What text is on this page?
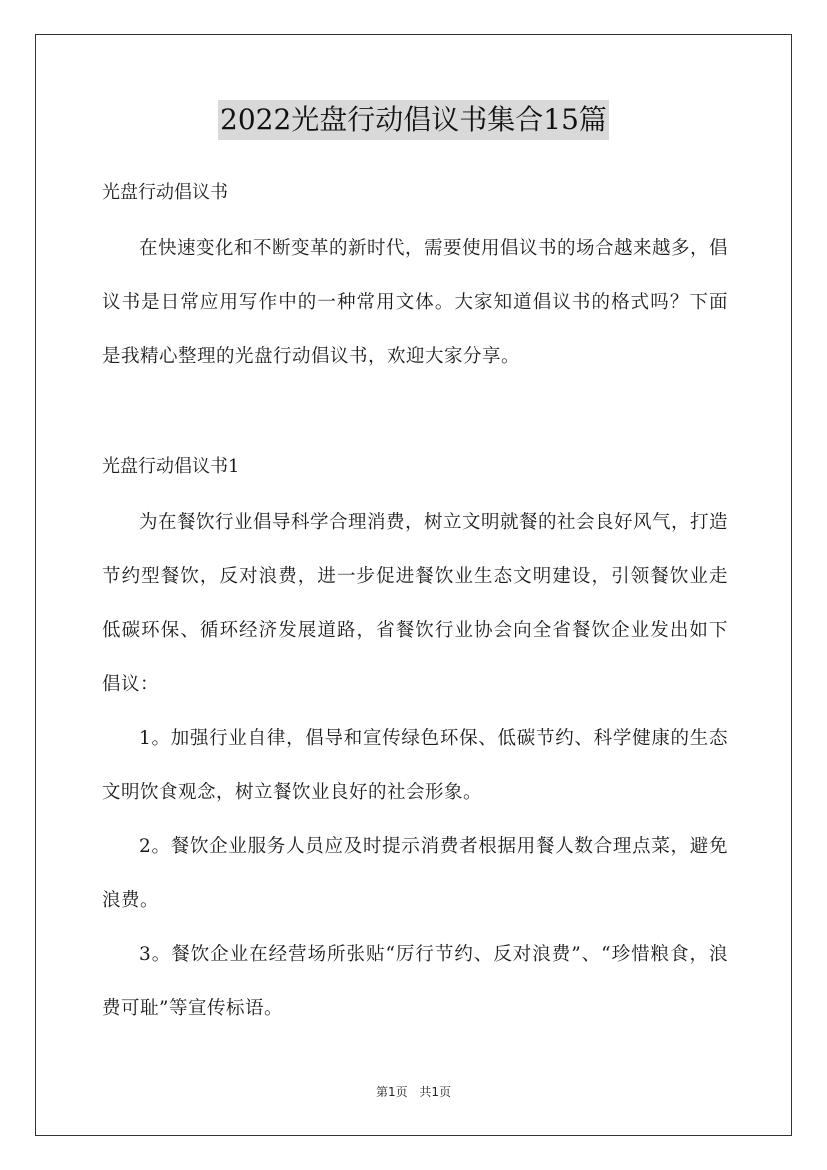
2022光盘行动倡议书集合15篇

光盘行动倡议书

在快速变化和不断变革的新时代，需要使用倡议书的场合越来越多，倡议书是日常应用写作中的一种常用文体。大家知道倡议书的格式吗？下面是我精心整理的光盘行动倡议书，欢迎大家分享。

光盘行动倡议书1

为在餐饮行业倡导科学合理消费，树立文明就餐的社会良好风气，打造节约型餐饮，反对浪费，进一步促进餐饮业生态文明建设，引领餐饮业走低碳环保、循环经济发展道路，省餐饮行业协会向全省餐饮企业发出如下倡议：

1。加强行业自律，倡导和宣传绿色环保、低碳节约、科学健康的生态文明饮食观念，树立餐饮业良好的社会形象。

2。餐饮企业服务人员应及时提示消费者根据用餐人数合理点菜，避免浪费。

3。餐饮企业在经营场所张贴“厉行节约、反对浪费”、“珍惜粮食，浪费可耻”等宣传标语。

第1页 共1页
